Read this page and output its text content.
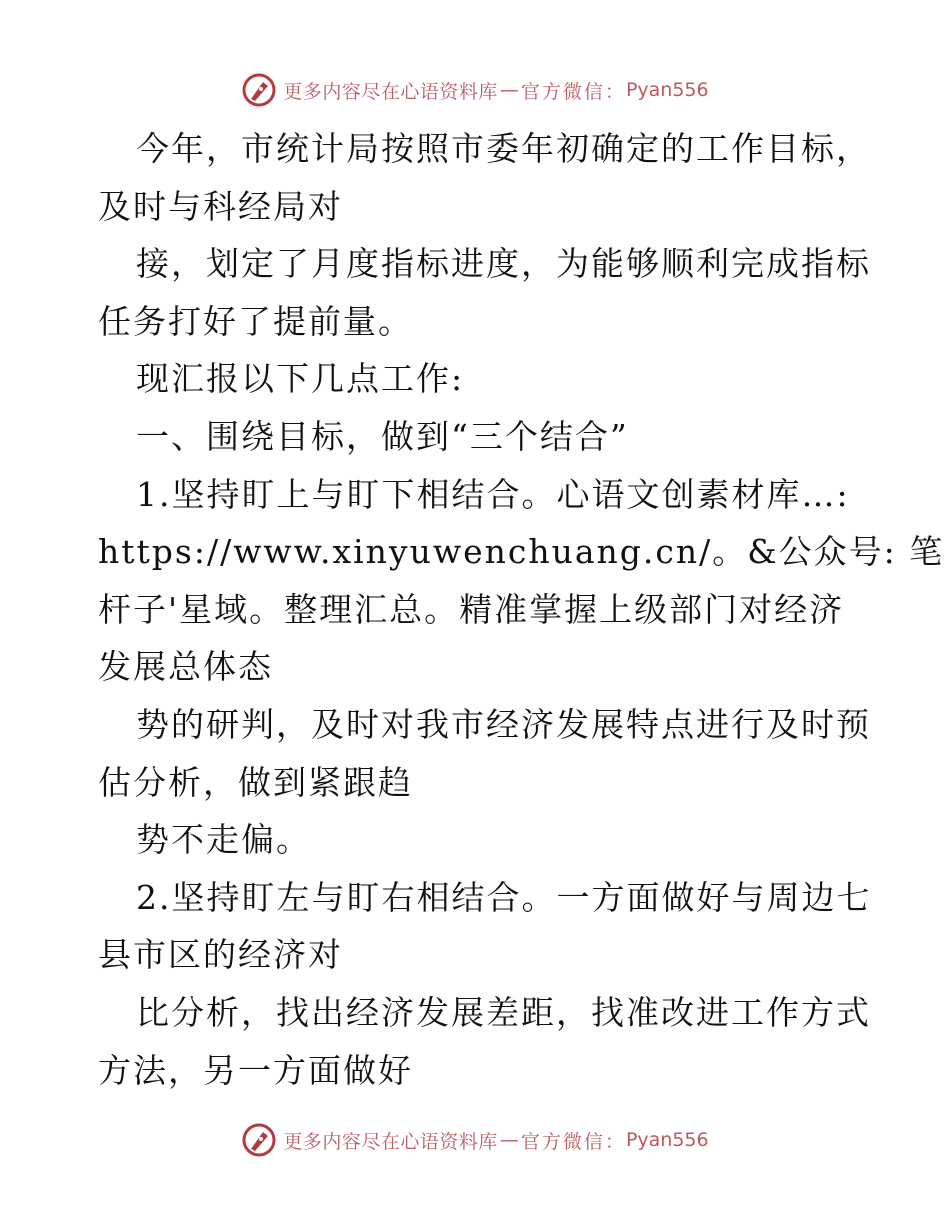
更多内容尽在心语资料库 — 官方微信： Pyan556
今年，市统计局按照市委年初确定的工作目标，
及时与科经局对
接，划定了月度指标进度，为能够顺利完成指标
任务打好了提前量。
现汇报以下几点工作:
一、围绕目标，做到“三个结合”
1.坚持盯上与盯下相结合。心语文创素材库…:
https://www.xinyuwenchuang.cn/。&公众号: 笔
杆子'星域。整理汇总。精准掌握上级部门对经济
发展总体态
势的研判，及时对我市经济发展特点进行及时预
估分析，做到紧跟趋
势不走偏。
2.坚持盯左与盯右相结合。一方面做好与周边七
县市区的经济对
比分析，找出经济发展差距，找准改进工作方式
方法，另一方面做好
更多内容尽在心语资料库 — 官方微信： Pyan556
